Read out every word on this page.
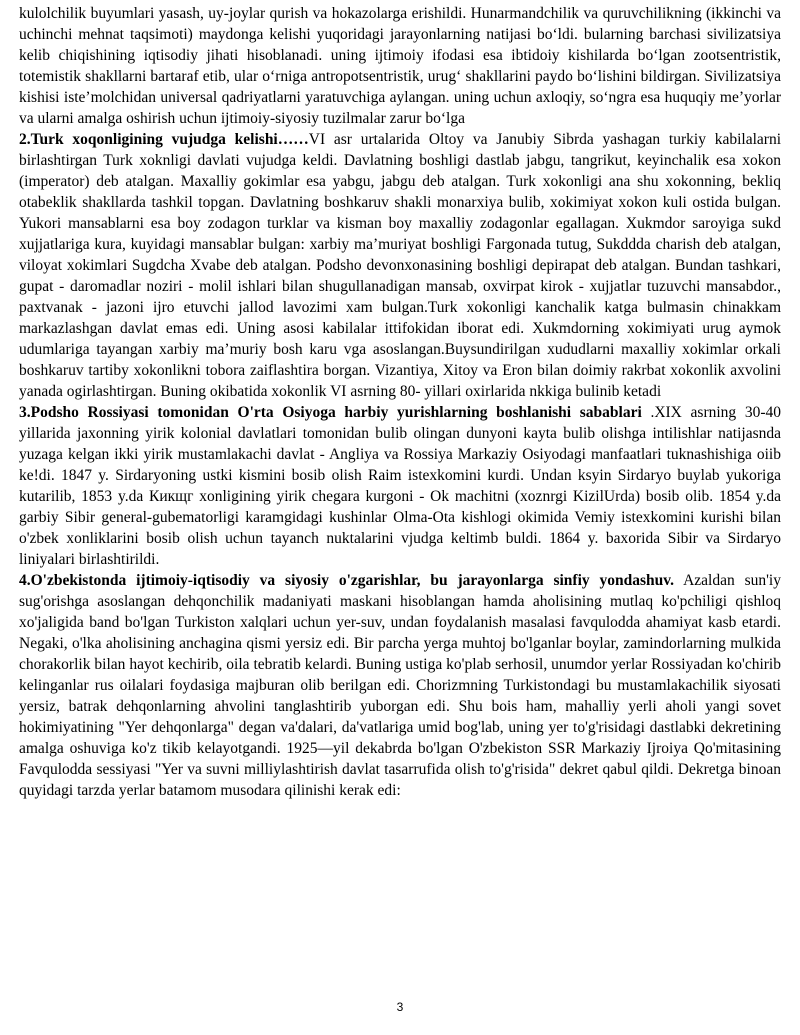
kulolchilik buyumlari yasash, uy-joylar qurish va hokazolarga erishildi. Hunarmandchilik va quruvchilikning (ikkinchi va uchinchi mehnat taqsimoti) maydonga kelishi yuqoridagi jarayonlarning natijasi bo‘ldi. bularning barchasi sivilizatsiya kelib chiqishining iqtisodiy jihati hisoblanadi. uning ijtimoiy ifodasi esa ibtidoiy kishilarda bo‘lgan zootsentristik, totemistik shakllarni bartaraf etib, ular o‘rniga antropotsentristik, urug‘ shakllarini paydo bo‘lishini bildirgan. Sivilizatsiya kishisi iste’molchidan universal qadriyatlarni yaratuvchiga aylangan. uning uchun axloqiy, so‘ngra esa huquqiy me’yorlar va ularni amalga oshirish uchun ijtimoiy-siyosiy tuzilmalar zarur bo‘lga

2.Turk xoqonligining vujudga kelishi……VI asr urtalarida Oltoy va Janubiy Sibrda yashagan turkiy kabilalarni birlashtirgan Turk xoknligi davlati vujudga keldi. Davlatning boshligi dastlab jabgu, tangrikut, keyinchalik esa xokon (imperator) deb atalgan. Maxalliy gokimlar esa yabgu, jabgu deb atalgan. Turk xokonligi ana shu xokonning, bekliq otabeklik shakllarda tashkil topgan. Davlatning boshkaruv shakli monarxiya bulib, xokimiyat xokon kuli ostida bulgan. Yukori mansablarni esa boy zodagon turklar va kisman boy maxalliy zodagonlar egallagan. Xukmdor saroyiga sukd xujjatlariga kura, kuyidagi mansablar bulgan: xarbiy ma’muriyat boshligi Fargonada tutug, Sukddda charish deb atalgan, viloyat xokimlari Sugdcha Xvabe deb atalgan. Podsho devonxonasining boshligi depirapat deb atalgan. Bundan tashkari, gupat - daromadlar noziri - molil ishlari bilan shugullanadigan mansab, oxvirpat kirok - xujjatlar tuzuvchi mansabdor., paxtvanak - jazoni ijro etuvchi jallod lavozimi xam bulgan.Turk xokonligi kanchalik katga bulmasin chinakkam markazlashgan davlat emas edi. Uning asosi kabilalar ittifokidan iborat edi. Xukmdorning xokimiyati urug aymok udumlariga tayangan xarbiy ma’muriy bosh karu vga asoslangan.Buysundirilgan xududlarni maxalliy xokimlar orkali boshkaruv tartiby xokonlikni tobora zaiflashtira borgan. Vizantiya, Xitoy va Eron bilan doimiy rakrbat xokonlik axvolini yanada ogirlashtirgan. Buning okibatida xokonlik VI asrning 80- yillari oxirlarida nkkiga bulinib ketadi

3.Podsho Rossiyasi tomonidan O'rta Osiyoga harbiy yurishlarning boshlanishi sabablari .XIX asrning 30-40 yillarida jaxonning yirik kolonial davlatlari tomonidan bulib olingan dunyoni kayta bulib olishga intilishlar natijasnda yuzaga kelgan ikki yirik mustamlakachi davlat - Angliya va Rossiya Markaziy Osiyodagi manfaatlari tuknashishiga oiib ke!di. 1847 y. Sirdaryoning ustki kismini bosib olish Raim istexkomini kurdi. Undan ksyin Sirdaryo buylab yukoriga kutarilib, 1853 y.da Кикщг xonligining yirik chegara kurgoni - Ok machitni (xoznrgi KizilUrda) bosib olib. 1854 y.da garbiy Sibir general-gubematorligi karamgidagi kushinlar Olma-Ota kishlogi okimida Vemiy istexkomini kurishi bilan o'zbek xonliklarini bosib olish uchun tayanch nuktalarini vjudga keltimb buldi. 1864 y. baxorida Sibir va Sirdaryo liniyalari birlashtirildi.

4.O'zbekistonda ijtimoiy-iqtisodiy va siyosiy o'zgarishlar, bu jarayonlarga sinfiy yondashuv. Azaldan sun'iy sug'orishga asoslangan dehqonchilik madaniyati maskani hisoblangan hamda aholisining mutlaq ko'pchiligi qishloq xo'jaligida band bo'lgan Turkiston xalqlari uchun yer-suv, undan foydalanish masalasi favqulodda ahamiyat kasb etardi. Negaki, o'lka aholisining anchagina qismi yersiz edi. Bir parcha yerga muhtoj bo'lganlar boylar, zamindorlarning mulkida chorakorlik bilan hayot kechirib, oila tebratib kelardi. Buning ustiga ko'plab serhosil, unumdor yerlar Rossiyadan ko'chirib kelinganlar rus oilalari foydasiga majburan olib berilgan edi. Chorizmning Turkistondagi bu mustamlakachilik siyosati yersiz, batrak dehqonlarning ahvolini tanglashtirib yuborgan edi. Shu bois ham, mahalliy yerli aholi yangi sovet hokimiyatining "Yer dehqonlarga" degan va'dalari, da'vatlariga umid bog'lab, uning yer to'g'risidagi dastlabki dekretining amalga oshuviga ko'z tikib kelayotgandi. 1925—yil dekabrda bo'lgan O'zbekiston SSR Markaziy Ijroiya Qo'mitasining Favqulodda sessiyasi "Yer va suvni milliylashtirish davlat tasarrufida olish to'g'risida" dekret qabul qildi. Dekretga binoan quyidagi tarzda yerlar batamom musodara qilinishi kerak edi:

3
